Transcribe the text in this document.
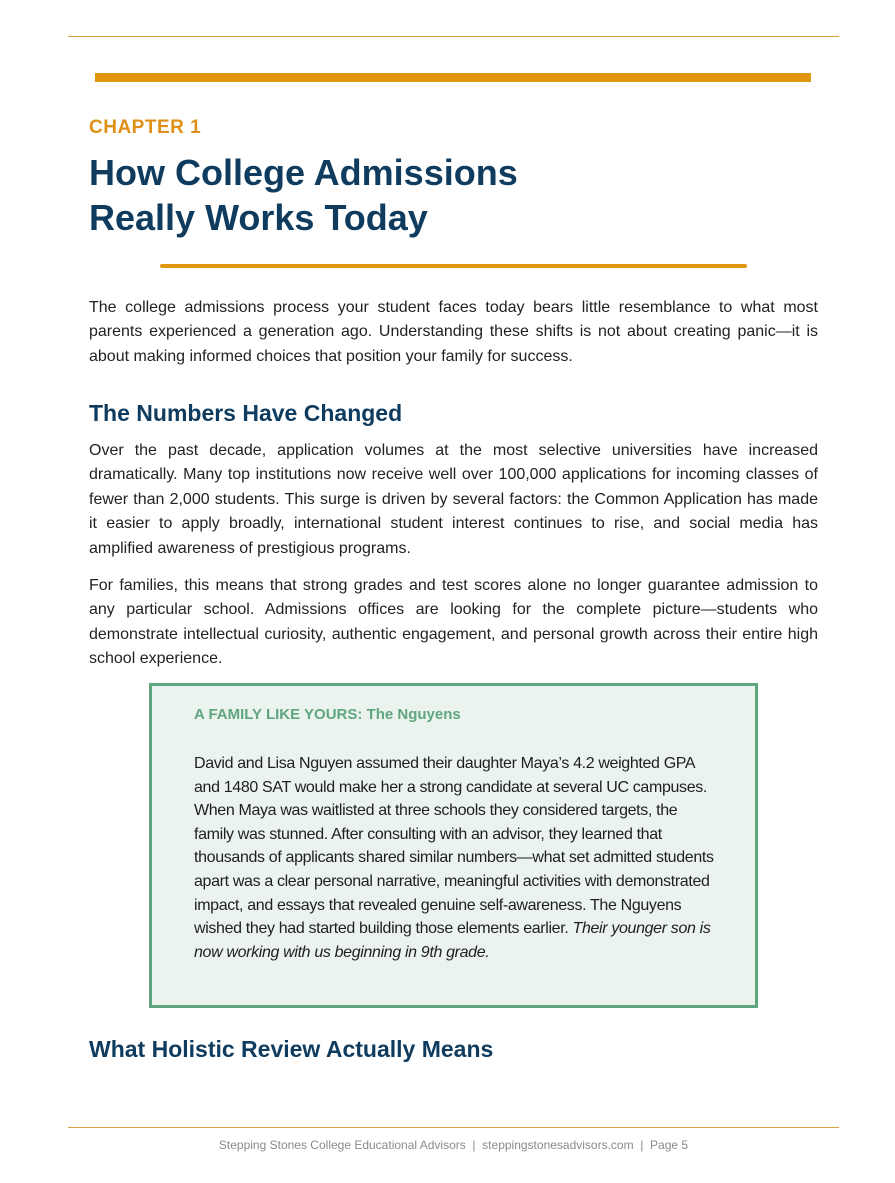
CHAPTER 1
How College Admissions
Really Works Today

The college admissions process your student faces today bears little resemblance to what most parents experienced a generation ago. Understanding these shifts is not about creating panic—it is about making informed choices that position your family for success.

The Numbers Have Changed

Over the past decade, application volumes at the most selective universities have increased dramatically. Many top institutions now receive well over 100,000 applications for incoming classes of fewer than 2,000 students. This surge is driven by several factors: the Common Application has made it easier to apply broadly, international student interest continues to rise, and social media has amplified awareness of prestigious programs.

For families, this means that strong grades and test scores alone no longer guarantee admission to any particular school. Admissions offices are looking for the complete picture—students who demonstrate intellectual curiosity, authentic engagement, and personal growth across their entire high school experience.

A FAMILY LIKE YOURS: The Nguyens

David and Lisa Nguyen assumed their daughter Maya’s 4.2 weighted GPA and 1480 SAT would make her a strong candidate at several UC campuses. When Maya was waitlisted at three schools they considered targets, the family was stunned. After consulting with an advisor, they learned that thousands of applicants shared similar numbers—what set admitted students apart was a clear personal narrative, meaningful activities with demonstrated impact, and essays that revealed genuine self-awareness. The Nguyens wished they had started building those elements earlier. Their younger son is now working with us beginning in 9th grade.

What Holistic Review Actually Means
Stepping Stones College Educational Advisors  |  steppingstonesadvisors.com  |  Page 5
